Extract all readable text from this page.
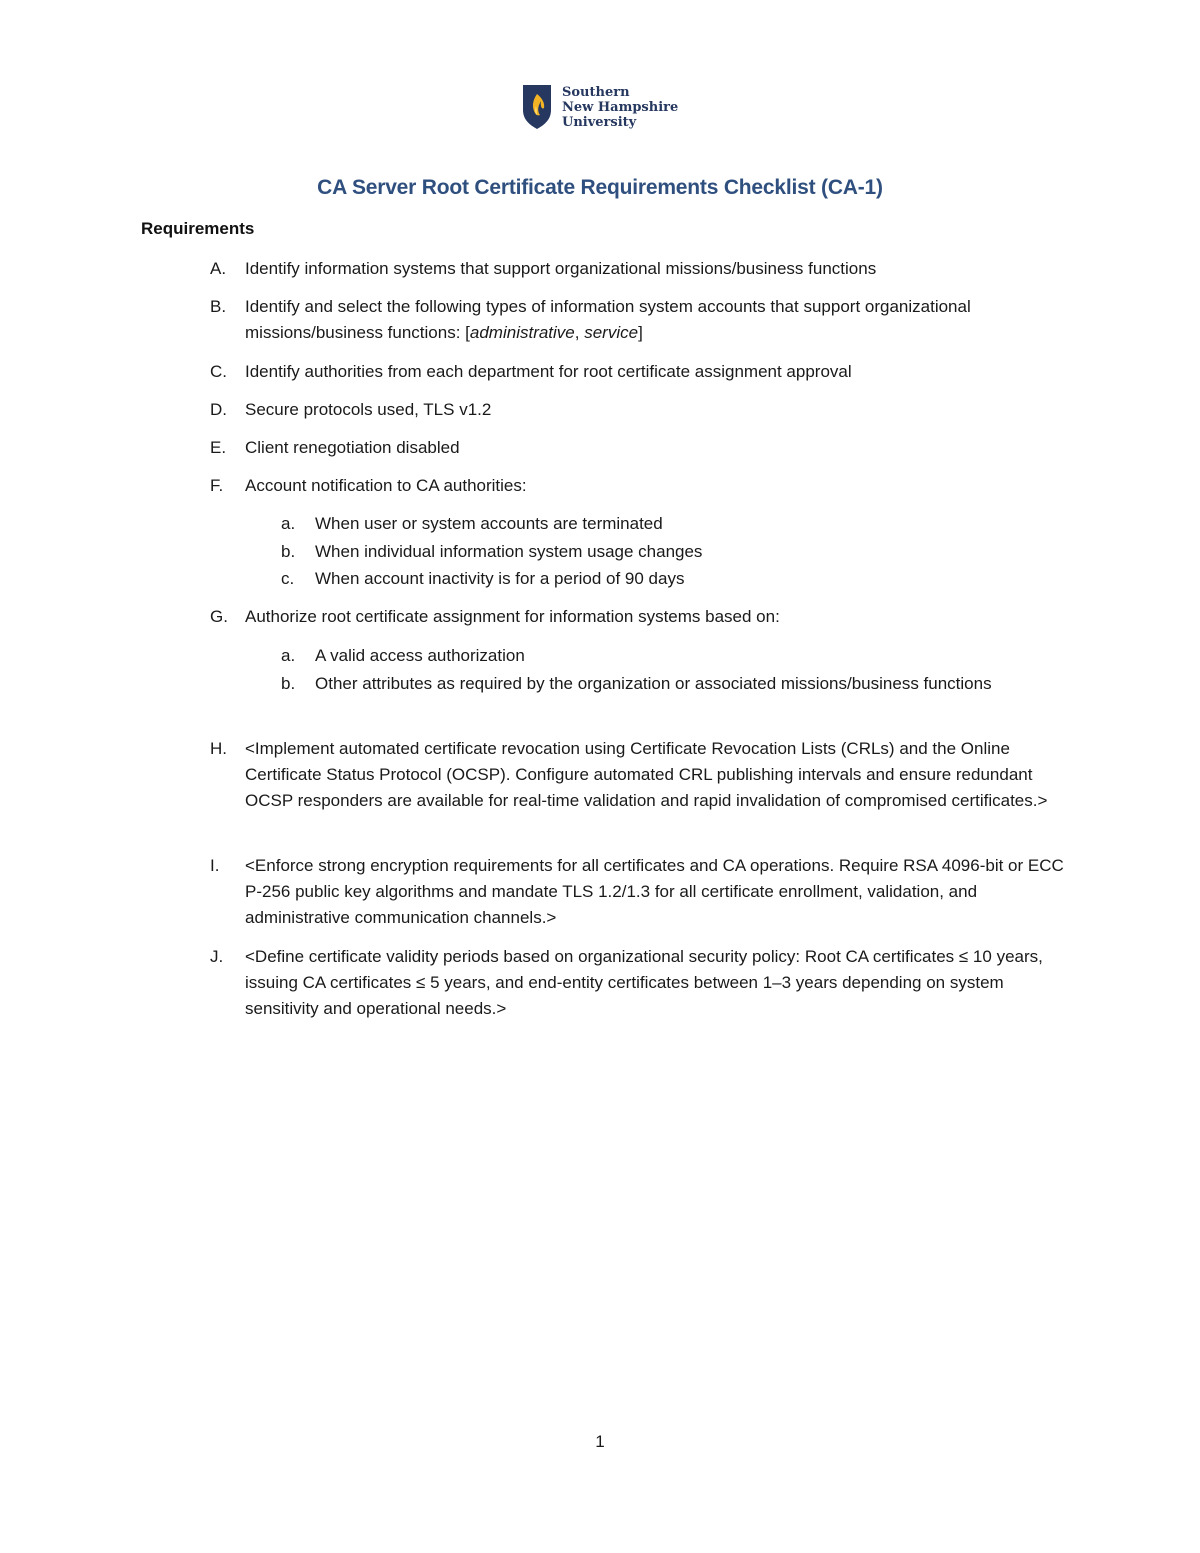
Southern
New Hampshire
University
CA Server Root Certificate Requirements Checklist (CA-1)
Requirements
A. Identify information systems that support organizational missions/business functions
B. Identify and select the following types of information system accounts that support organizational missions/business functions: [administrative, service]
C. Identify authorities from each department for root certificate assignment approval
D. Secure protocols used, TLS v1.2
E. Client renegotiation disabled
F. Account notification to CA authorities:
a. When user or system accounts are terminated
b. When individual information system usage changes
c. When account inactivity is for a period of 90 days
G. Authorize root certificate assignment for information systems based on:
a. A valid access authorization
b. Other attributes as required by the organization or associated missions/business functions
H. <Implement automated certificate revocation using Certificate Revocation Lists (CRLs) and the Online Certificate Status Protocol (OCSP). Configure automated CRL publishing intervals and ensure redundant OCSP responders are available for real-time validation and rapid invalidation of compromised certificates.>
I. <Enforce strong encryption requirements for all certificates and CA operations. Require RSA 4096-bit or ECC P-256 public key algorithms and mandate TLS 1.2/1.3 for all certificate enrollment, validation, and administrative communication channels.>
J. <Define certificate validity periods based on organizational security policy: Root CA certificates ≤ 10 years, issuing CA certificates ≤ 5 years, and end-entity certificates between 1–3 years depending on system sensitivity and operational needs.>
1
